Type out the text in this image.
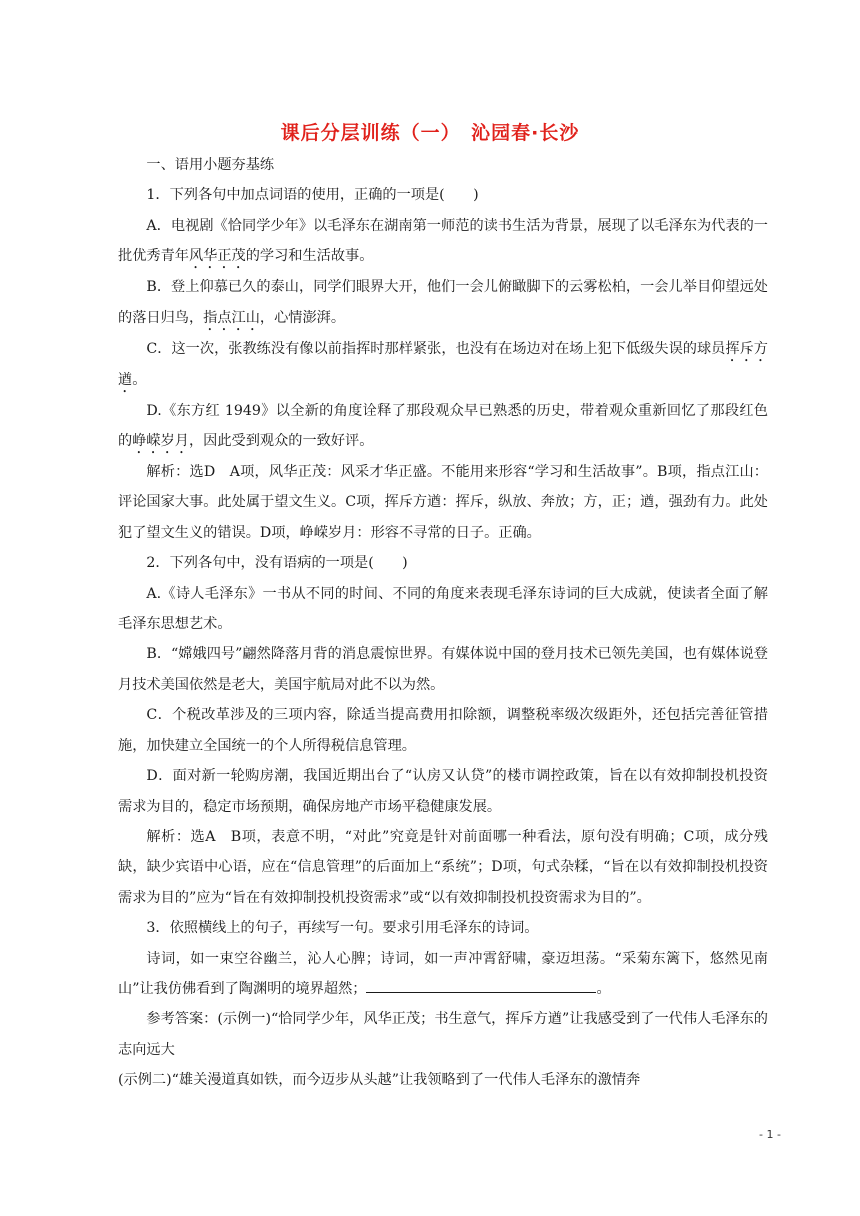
课后分层训练（一）　沁园春·长沙

一、语用小题夯基练

1．下列各句中加点词语的使用，正确的一项是(　　)

A．电视剧《恰同学少年》以毛泽东在湖南第一师范的读书生活为背景，展现了以毛泽东为代表的一批优秀青年风华正茂的学习和生活故事。

B．登上仰慕已久的泰山，同学们眼界大开，他们一会儿俯瞰脚下的云雾松柏，一会儿举目仰望远处的落日归鸟，指点江山，心情澎湃。

C．这一次，张教练没有像以前指挥时那样紧张，也没有在场边对在场上犯下低级失误的球员挥斥方遒。

D.《东方红 1949》以全新的角度诠释了那段观众早已熟悉的历史，带着观众重新回忆了那段红色的峥嵘岁月，因此受到观众的一致好评。

解析：选D　A项，风华正茂：风采才华正盛。不能用来形容“学习和生活故事”。B项，指点江山：评论国家大事。此处属于望文生义。C项，挥斥方遒：挥斥，纵放、奔放；方，正；遒，强劲有力。此处犯了望文生义的错误。D项，峥嵘岁月：形容不寻常的日子。正确。

2．下列各句中，没有语病的一项是(　　)

A.《诗人毛泽东》一书从不同的时间、不同的角度来表现毛泽东诗词的巨大成就，使读者全面了解毛泽东思想艺术。

B．“嫦娥四号”翩然降落月背的消息震惊世界。有媒体说中国的登月技术已领先美国，也有媒体说登月技术美国依然是老大，美国宇航局对此不以为然。

C．个税改革涉及的三项内容，除适当提高费用扣除额，调整税率级次级距外，还包括完善征管措施，加快建立全国统一的个人所得税信息管理。

D．面对新一轮购房潮，我国近期出台了“认房又认贷”的楼市调控政策，旨在以有效抑制投机投资需求为目的，稳定市场预期，确保房地产市场平稳健康发展。

解析：选A　B项，表意不明，“对此”究竟是针对前面哪一种看法，原句没有明确；C项，成分残缺，缺少宾语中心语，应在“信息管理”的后面加上“系统”；D项，句式杂糅，“旨在以有效抑制投机投资需求为目的”应为“旨在有效抑制投机投资需求”或“以有效抑制投机投资需求为目的”。

3．依照横线上的句子，再续写一句。要求引用毛泽东的诗词。

诗词，如一束空谷幽兰，沁人心脾；诗词，如一声冲霄舒啸，豪迈坦荡。“采菊东篱下，悠然见南山”让我仿佛看到了陶渊明的境界超然；	。

参考答案：(示例一)“恰同学少年，风华正茂；书生意气，挥斥方遒”让我感受到了一代伟人毛泽东的志向远大

(示例二)“雄关漫道真如铁，而今迈步从头越”让我领略到了一代伟人毛泽东的激情奔

- 1 -
